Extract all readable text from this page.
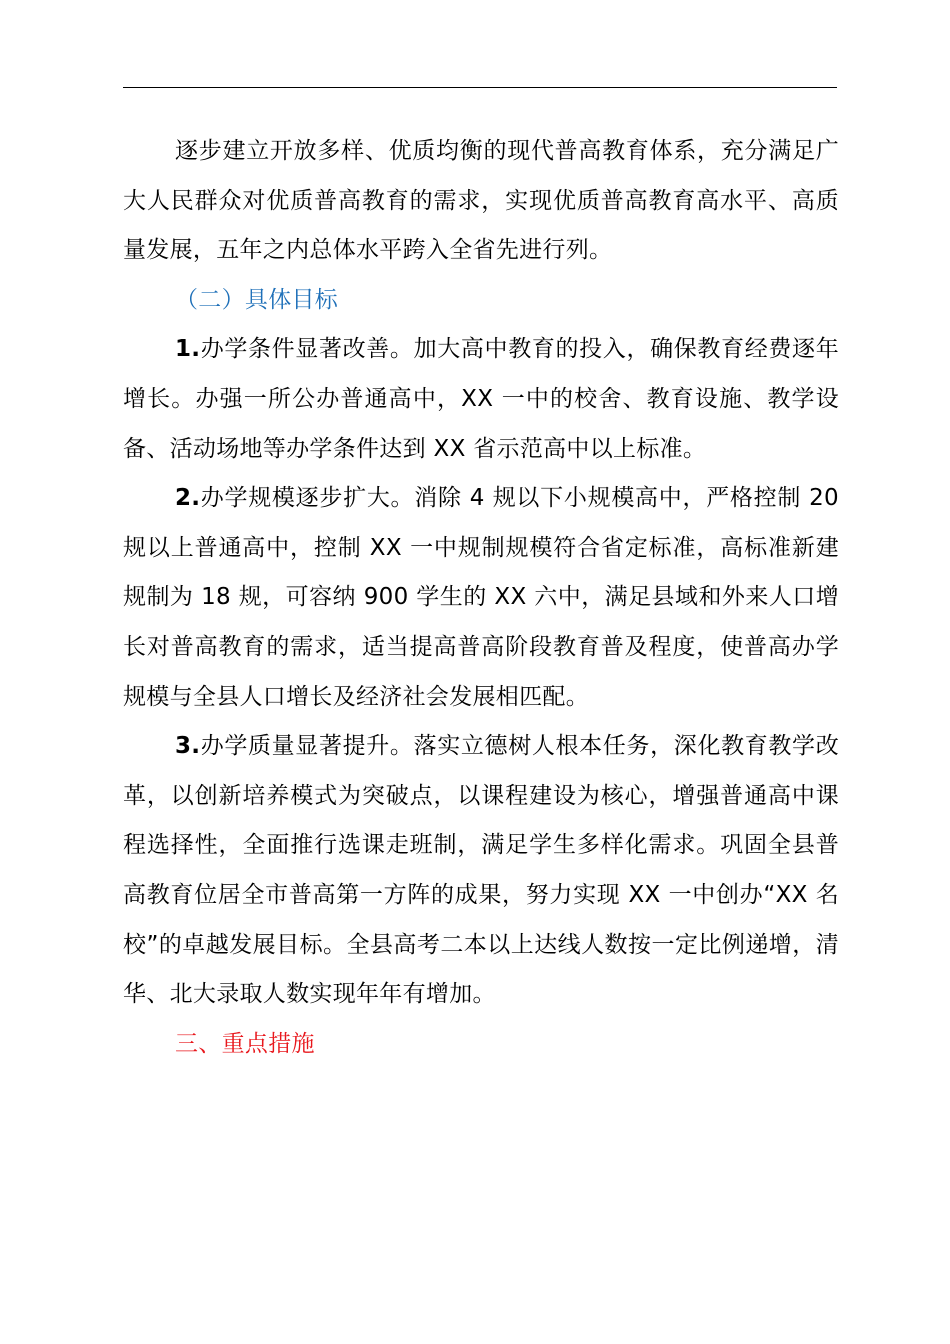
逐步建立开放多样、优质均衡的现代普高教育体系，充分满足广大人民群众对优质普高教育的需求，实现优质普高教育高水平、高质量发展，五年之内总体水平跨入全省先进行列。

（二）具体目标

1.办学条件显著改善。加大高中教育的投入，确保教育经费逐年增长。办强一所公办普通高中，XX 一中的校舍、教育设施、教学设备、活动场地等办学条件达到 XX 省示范高中以上标准。

2.办学规模逐步扩大。消除 4 规以下小规模高中，严格控制 20 规以上普通高中，控制 XX 一中规制规模符合省定标准，高标准新建规制为 18 规，可容纳 900 学生的 XX 六中，满足县域和外来人口增长对普高教育的需求，适当提高普高阶段教育普及程度，使普高办学规模与全县人口增长及经济社会发展相匹配。

3.办学质量显著提升。落实立德树人根本任务，深化教育教学改革，以创新培养模式为突破点，以课程建设为核心，增强普通高中课程选择性，全面推行选课走班制，满足学生多样化需求。巩固全县普高教育位居全市普高第一方阵的成果，努力实现 XX 一中创办“XX 名校”的卓越发展目标。全县高考二本以上达线人数按一定比例递增，清华、北大录取人数实现年年有增加。

三、重点措施
